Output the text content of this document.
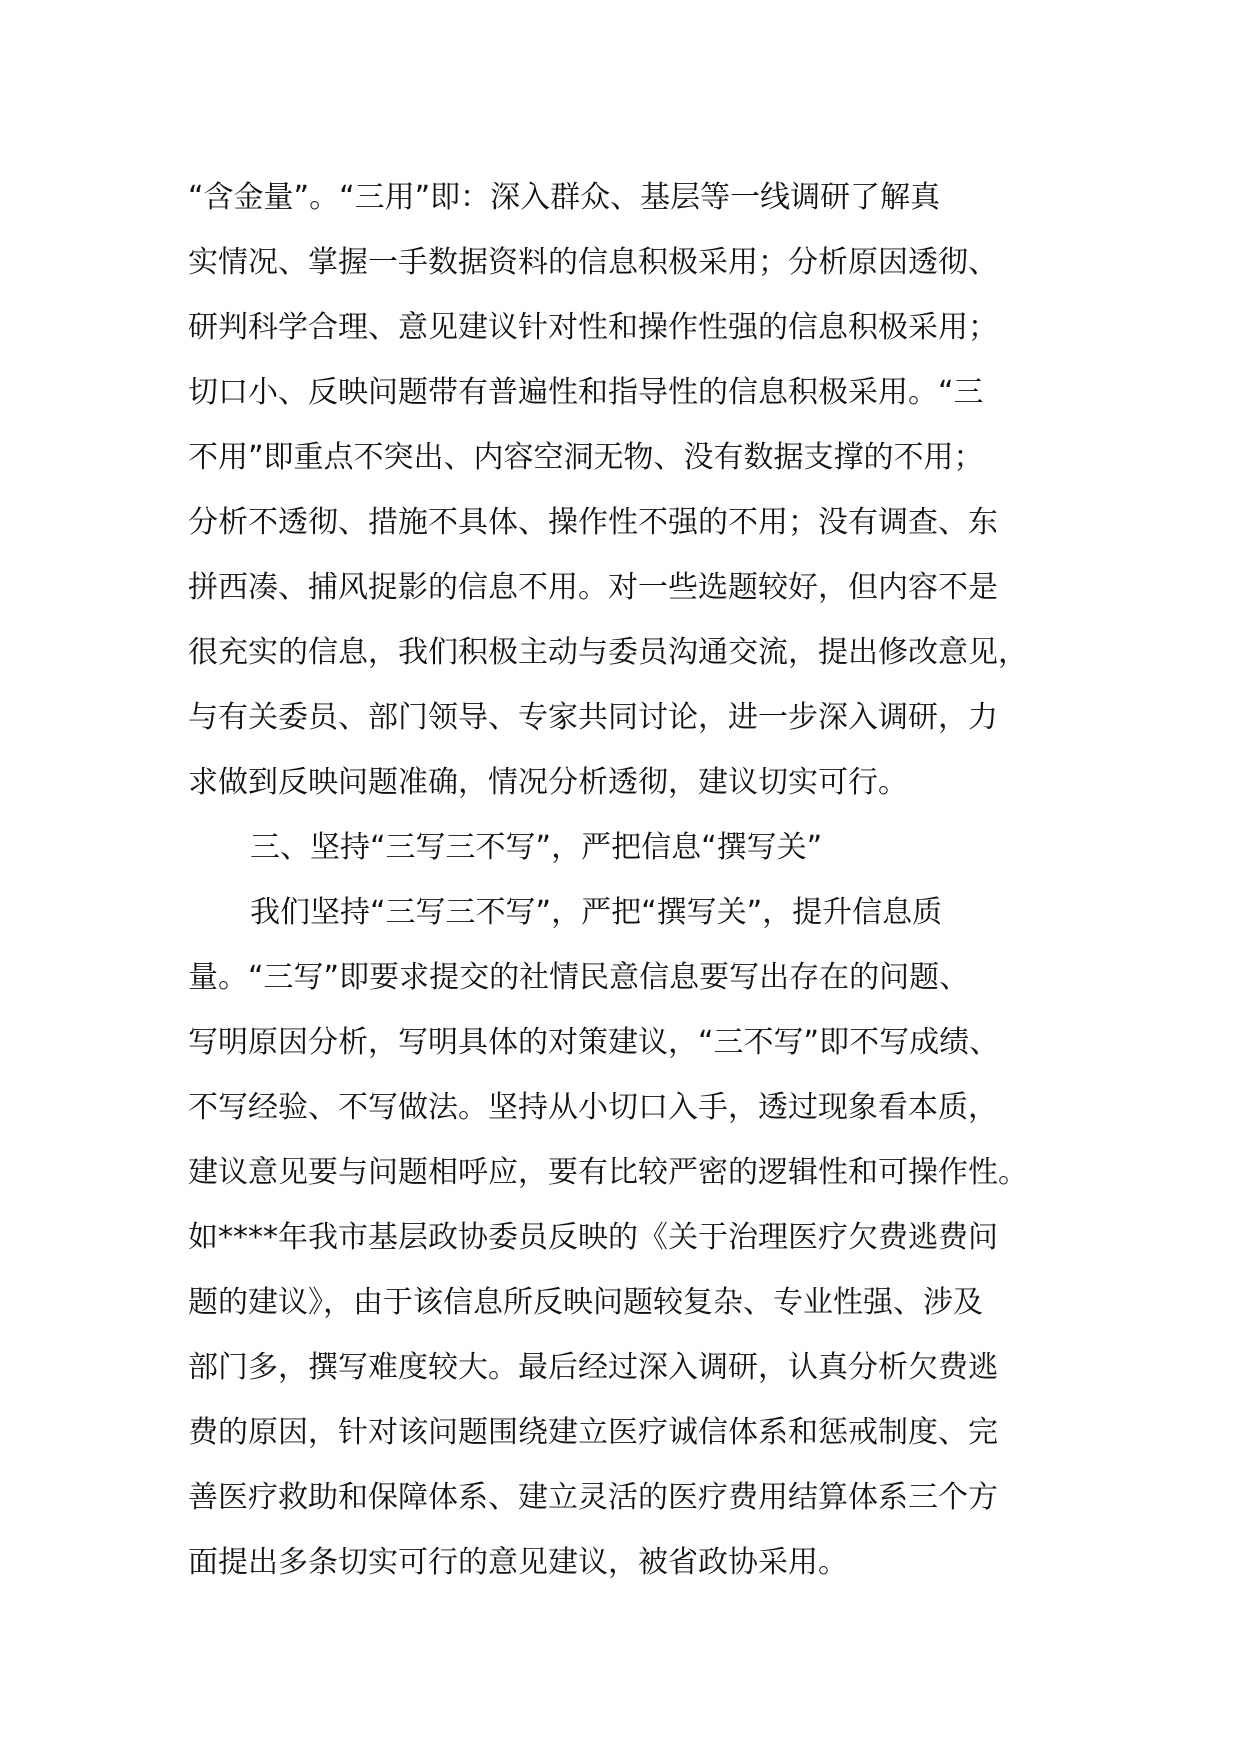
“含金量”。“三用”即：深入群众、基层等一线调研了解真
实情况、掌握一手数据资料的信息积极采用；分析原因透彻、
研判科学合理、意见建议针对性和操作性强的信息积极采用；
切口小、反映问题带有普遍性和指导性的信息积极采用。“三
不用”即重点不突出、内容空洞无物、没有数据支撑的不用；
分析不透彻、措施不具体、操作性不强的不用；没有调查、东
拼西凑、捕风捉影的信息不用。对一些选题较好，但内容不是
很充实的信息，我们积极主动与委员沟通交流，提出修改意见，
与有关委员、部门领导、专家共同讨论，进一步深入调研，力
求做到反映问题准确，情况分析透彻，建议切实可行。
三、坚持“三写三不写”，严把信息“撰写关”
我们坚持“三写三不写”，严把“撰写关”，提升信息质
量。“三写”即要求提交的社情民意信息要写出存在的问题、
写明原因分析，写明具体的对策建议，“三不写”即不写成绩、
不写经验、不写做法。坚持从小切口入手，透过现象看本质，
建议意见要与问题相呼应，要有比较严密的逻辑性和可操作性。
如****年我市基层政协委员反映的《关于治理医疗欠费逃费问
题的建议》，由于该信息所反映问题较复杂、专业性强、涉及
部门多，撰写难度较大。最后经过深入调研，认真分析欠费逃
费的原因，针对该问题围绕建立医疗诚信体系和惩戒制度、完
善医疗救助和保障体系、建立灵活的医疗费用结算体系三个方
面提出多条切实可行的意见建议，被省政协采用。
